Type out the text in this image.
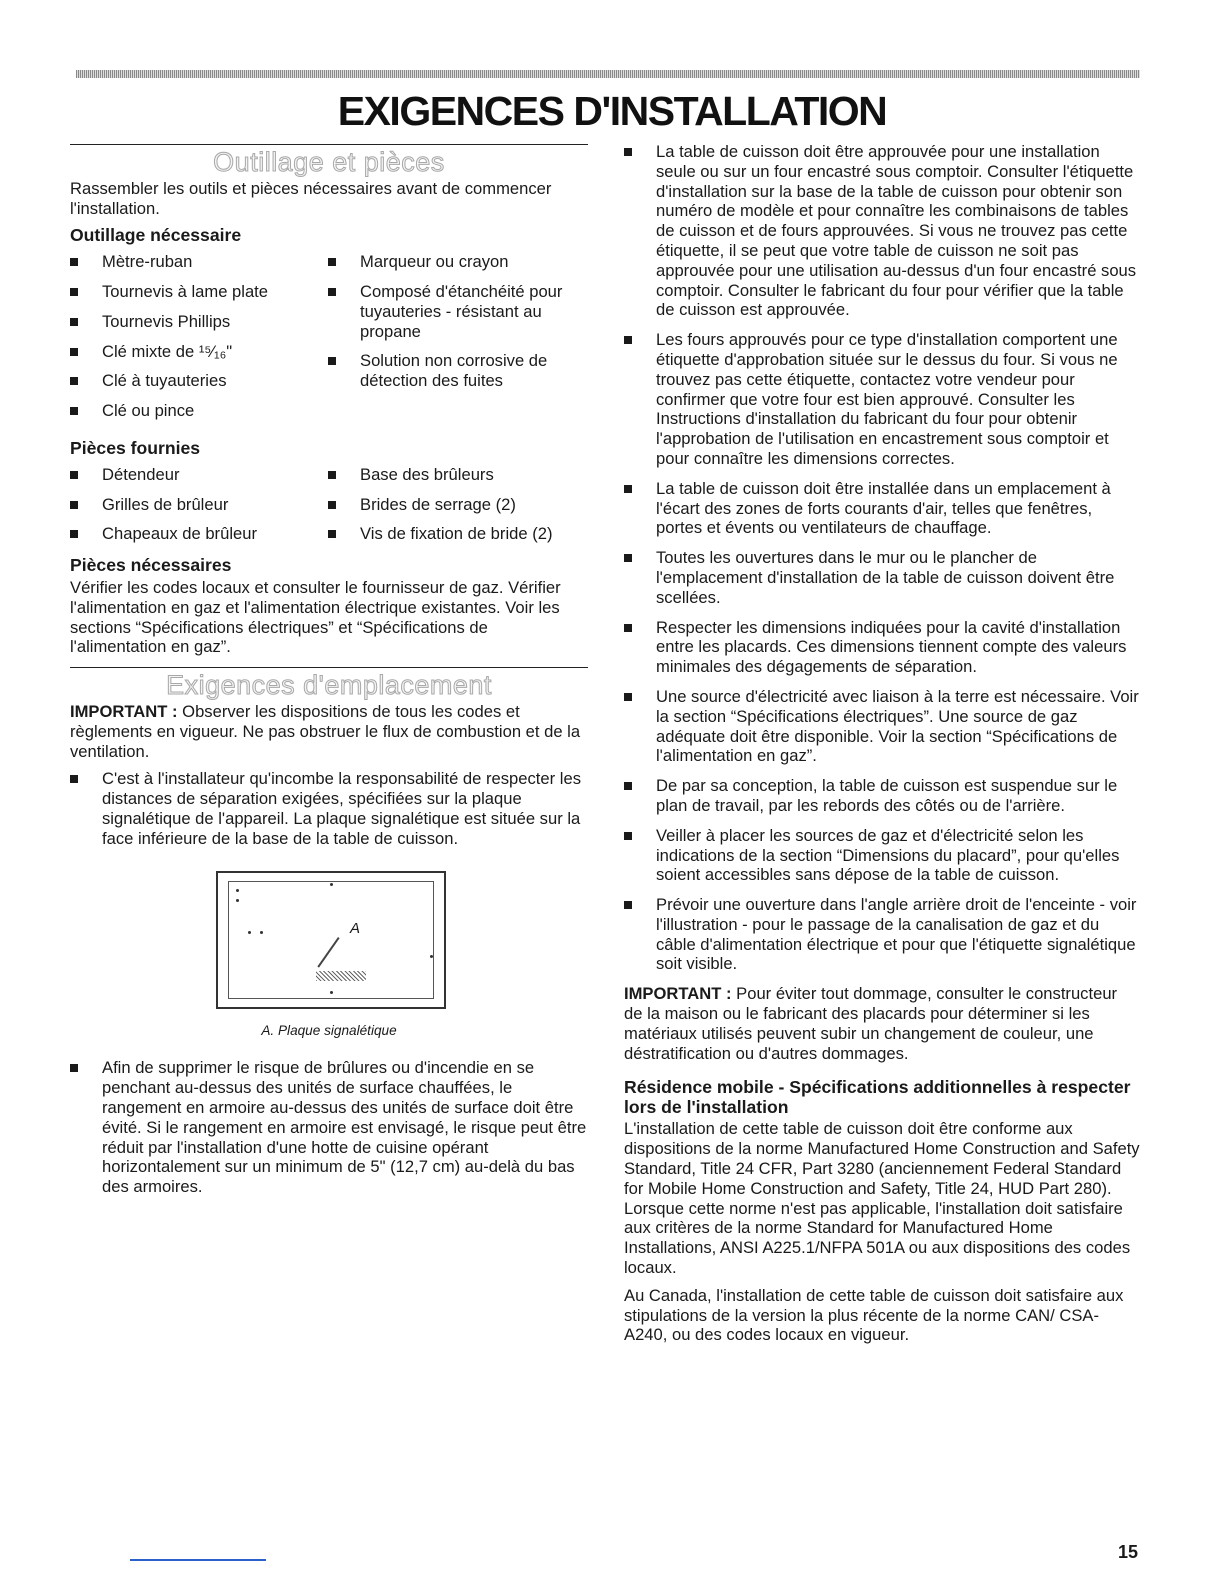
EXIGENCES D'INSTALLATION
Outillage et pièces

Rassembler les outils et pièces nécessaires avant de commencer l'installation.

Outillage nécessaire
Mètre-ruban
Tournevis à lame plate
Tournevis Phillips
Clé mixte de ¹⁵⁄₁₆"
Clé à tuyauteries
Clé ou pince
Marqueur ou crayon
Composé d'étanchéité pour tuyauteries - résistant au propane
Solution non corrosive de détection des fuites
Pièces fournies
Détendeur
Grilles de brûleur
Chapeaux de brûleur
Base des brûleurs
Brides de serrage (2)
Vis de fixation de bride (2)
Pièces nécessaires

Vérifier les codes locaux et consulter le fournisseur de gaz. Vérifier l'alimentation en gaz et l'alimentation électrique existantes. Voir les sections “Spécifications électriques” et “Spécifications de l'alimentation en gaz”.

Exigences d'emplacement

IMPORTANT : Observer les dispositions de tous les codes et règlements en vigueur. Ne pas obstruer le flux de combustion et de la ventilation.

C'est à l'installateur qu'incombe la responsabilité de respecter les distances de séparation exigées, spécifiées sur la plaque signalétique de l'appareil. La plaque signalétique est située sur la face inférieure de la base de la table de cuisson.
A
A. Plaque signalétique
Afin de supprimer le risque de brûlures ou d'incendie en se penchant au-dessus des unités de surface chauffées, le rangement en armoire au-dessus des unités de surface doit être évité. Si le rangement en armoire est envisagé, le risque peut être réduit par l'installation d'une hotte de cuisine opérant horizontalement sur un minimum de 5" (12,7 cm) au-delà du bas des armoires.
La table de cuisson doit être approuvée pour une installation seule ou sur un four encastré sous comptoir. Consulter l'étiquette d'installation sur la base de la table de cuisson pour obtenir son numéro de modèle et pour connaître les combinaisons de tables de cuisson et de fours approuvées. Si vous ne trouvez pas cette étiquette, il se peut que votre table de cuisson ne soit pas approuvée pour une utilisation au-dessus d'un four encastré sous comptoir. Consulter le fabricant du four pour vérifier que la table de cuisson est approuvée.
Les fours approuvés pour ce type d'installation comportent une étiquette d'approbation située sur le dessus du four. Si vous ne trouvez pas cette étiquette, contactez votre vendeur pour confirmer que votre four est bien approuvé. Consulter les Instructions d'installation du fabricant du four pour obtenir l'approbation de l'utilisation en encastrement sous comptoir et pour connaître les dimensions correctes.
La table de cuisson doit être installée dans un emplacement à l'écart des zones de forts courants d'air, telles que fenêtres, portes et évents ou ventilateurs de chauffage.
Toutes les ouvertures dans le mur ou le plancher de l'emplacement d'installation de la table de cuisson doivent être scellées.
Respecter les dimensions indiquées pour la cavité d'installation entre les placards. Ces dimensions tiennent compte des valeurs minimales des dégagements de séparation.
Une source d'électricité avec liaison à la terre est nécessaire. Voir la section “Spécifications électriques”. Une source de gaz adéquate doit être disponible. Voir la section “Spécifications de l'alimentation en gaz”.
De par sa conception, la table de cuisson est suspendue sur le plan de travail, par les rebords des côtés ou de l'arrière.
Veiller à placer les sources de gaz et d'électricité selon les indications de la section “Dimensions du placard”, pour qu'elles soient accessibles sans dépose de la table de cuisson.
Prévoir une ouverture dans l'angle arrière droit de l'enceinte - voir l'illustration - pour le passage de la canalisation de gaz et du câble d'alimentation électrique et pour que l'étiquette signalétique soit visible.

IMPORTANT : Pour éviter tout dommage, consulter le constructeur de la maison ou le fabricant des placards pour déterminer si les matériaux utilisés peuvent subir un changement de couleur, une déstratification ou d'autres dommages.

Résidence mobile - Spécifications additionnelles à respecter lors de l'installation

L'installation de cette table de cuisson doit être conforme aux dispositions de la norme Manufactured Home Construction and Safety Standard, Title 24 CFR, Part 3280 (anciennement Federal Standard for Mobile Home Construction and Safety, Title 24, HUD Part 280). Lorsque cette norme n'est pas applicable, l'installation doit satisfaire aux critères de la norme Standard for Manufactured Home Installations, ANSI A225.1/NFPA 501A ou aux dispositions des codes locaux.

Au Canada, l'installation de cette table de cuisson doit satisfaire aux stipulations de la version la plus récente de la norme CAN/ CSA-A240, ou des codes locaux en vigueur.

15
